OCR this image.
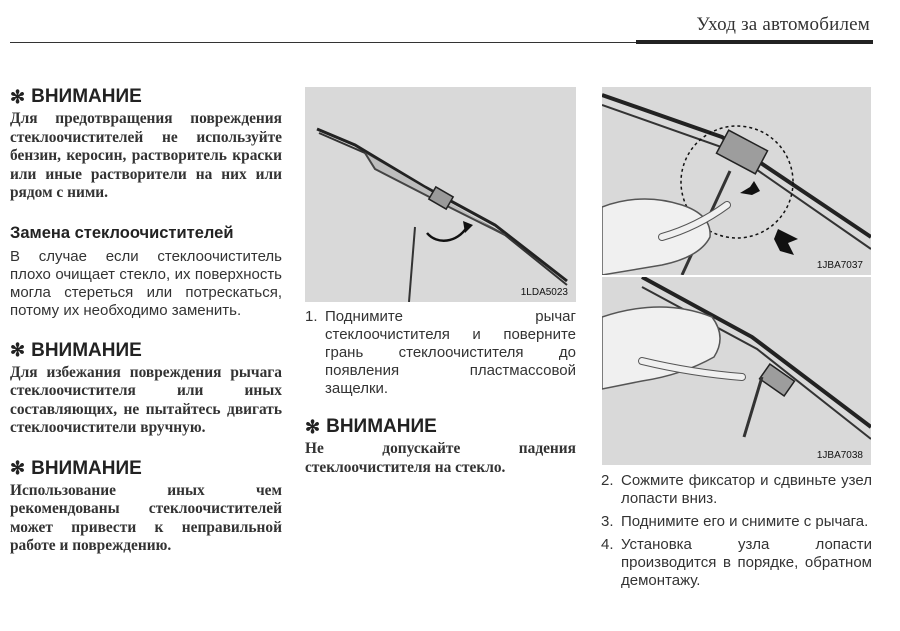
Уход за автомобилем

✻ ВНИМАНИЕ

Для предотвращения повреждения стеклоочистителей не используйте бензин, керосин, растворитель краски или иные растворители на них или рядом с ними.

Замена стеклоочистителей

В случае если стеклоочиститель плохо очищает стекло, их поверхность могла стереться или потрескаться, потому их необходимо заменить.

✻ ВНИМАНИЕ

Для избежания повреждения рычага стеклоочистителя или иных составляющих, не пытайтесь двигать стеклоочистители вручную.

✻ ВНИМАНИЕ

Использование иных чем рекомендованы стеклоочистителей может привести к неправильной работе и повреждению.

1LDA5023
1. Поднимите рычаг стеклоочистителя и поверните грань стеклоочистителя до появления пластмассовой защелки.

✻ ВНИМАНИЕ

Не допускайте падения стеклоочистителя на стекло.

1JBA7037
1JBA7038
2. Сожмите фиксатор и сдвиньте узел лопасти вниз.
3. Поднимите его и снимите с рычага.
4. Установка узла лопасти производится в порядке, обратном демонтажу.
